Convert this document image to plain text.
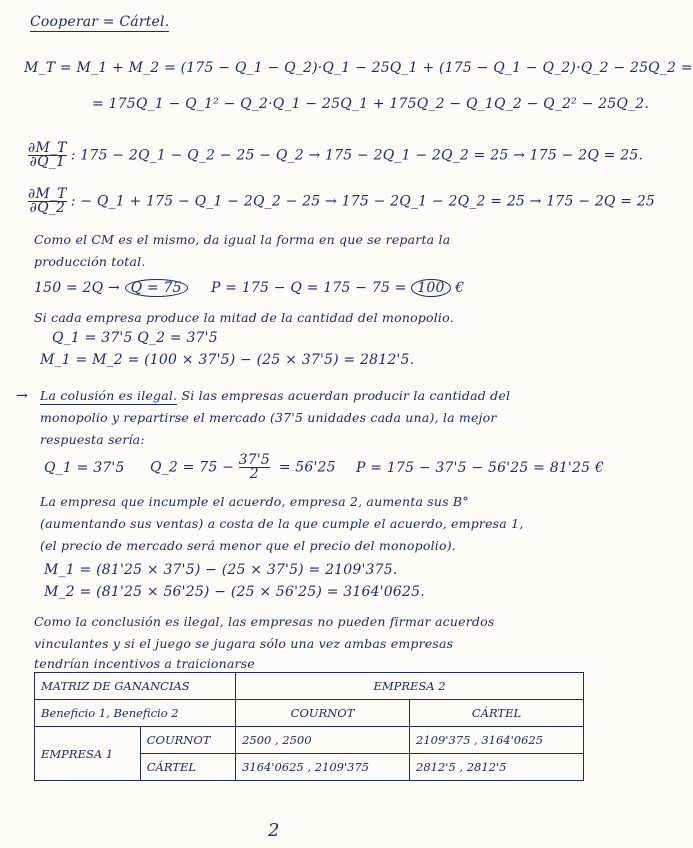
Cooperar = Cártel.
M_T = M_1 + M_2 = (175 − Q_1 − Q_2)·Q_1 − 25Q_1 + (175 − Q_1 − Q_2)·Q_2 − 25Q_2 =
= 175Q_1 − Q_1² − Q_2·Q_1 − 25Q_1 + 175Q_2 − Q_1Q_2 − Q_2² − 25Q_2.
$\frac{\partial M\_T}{\partial Q\_1}$ : 175 − 2Q_1 − Q_2 − 25 − Q_2 → 175 − 2Q_1 − 2Q_2 = 25 → 175 − 2Q = 25.
$\frac{\partial M\_T}{\partial Q\_2}$ : − Q_1 + 175 − Q_1 − 2Q_2 − 25 → 175 − 2Q_1 − 2Q_2 = 25 → 175 − 2Q = 25
Como el CM es el mismo, da igual la forma en que se reparta la
producción total.
150 = 2Q → Q = 75 P = 175 − Q = 175 − 75 = 100 €
Si cada empresa produce la mitad de la cantidad del monopolio.
Q_1 = 37'5 Q_2 = 37'5
M_1 = M_2 = (100 × 37'5) − (25 × 37'5) = 2812'5.
→ La colusión es ilegal. Si las empresas acuerdan producir la cantidad del
monopolio y repartirse el mercado (37'5 unidades cada una), la mejor
respuesta sería:
Q_1 = 37'5 Q_2 = $75 - \frac{37'5}{2} = 56'25$ P = 175 − 37'5 − 56'25 = 81'25 €
La empresa que incumple el acuerdo, empresa 2, aumenta sus B°
(aumentando sus ventas) a costa de la que cumple el acuerdo, empresa 1,
(el precio de mercado será menor que el precio del monopolio).
M_1 = (81'25 × 37'5) − (25 × 37'5) = 2109'375.
M_2 = (81'25 × 56'25) − (25 × 56'25) = 3164'0625.
Como la conclusión es ilegal, las empresas no pueden firmar acuerdos
vinculantes y si el juego se jugara sólo una vez ambas empresas
tendrían incentivos a traicionarse
MATRIZ DE GANANCIAS		EMPRESA 2	
Beneficio 1, Beneficio 2		COURNOT	CÁRTEL
EMPRESA 1	COURNOT	2500 , 2500	2109'375 , 3164'0625
	CÁRTEL	3164'0625 , 2109'375	2812'5 , 2812'5
2
